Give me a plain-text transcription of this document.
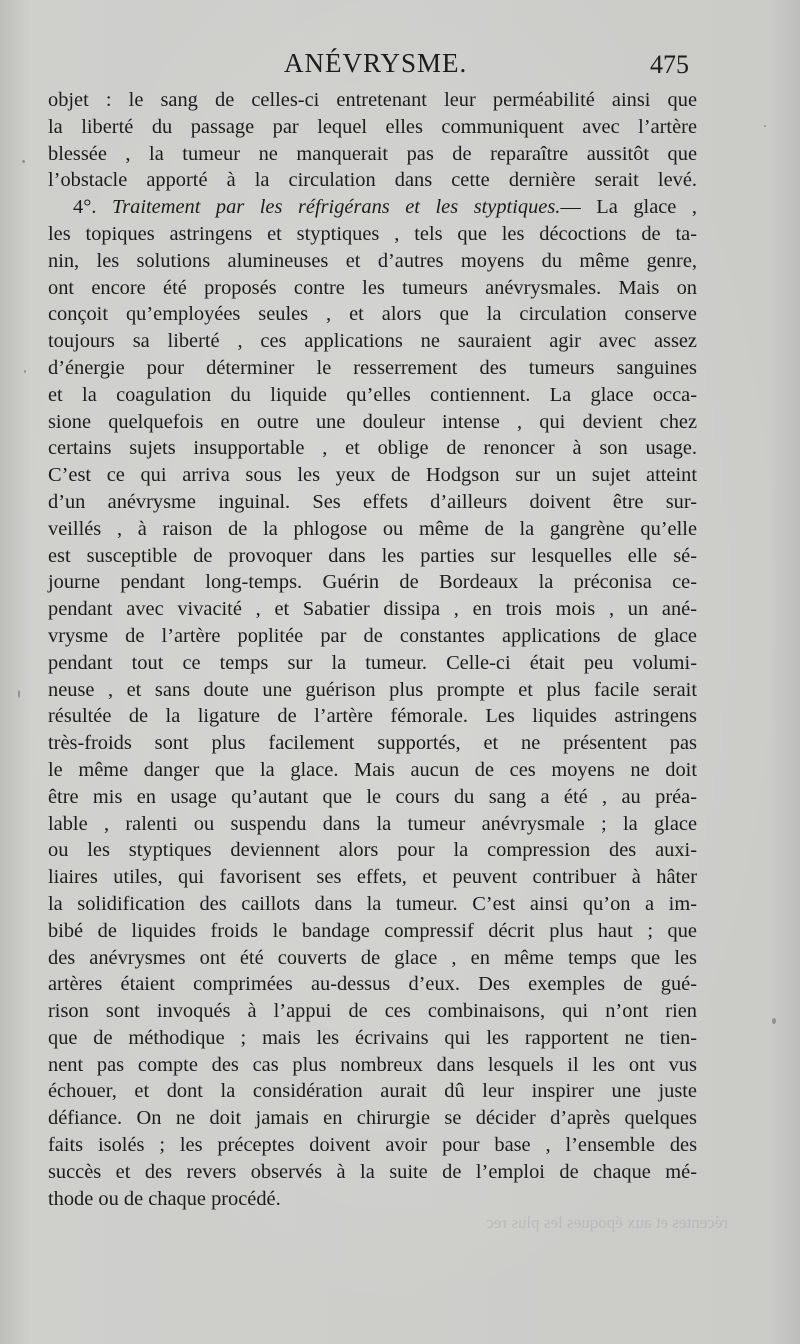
ANÉVRYSME.	475
objet : le sang de celles-ci entretenant leur perméabilité ainsi que
la liberté du passage par lequel elles communiquent avec l’artère
blessée , la tumeur ne manquerait pas de reparaître aussitôt que
l’obstacle apporté à la circulation dans cette dernière serait levé.
4°. Traitement par les réfrigérans et les styptiques.— La glace ,
les topiques astringens et styptiques , tels que les décoctions de ta-
nin, les solutions alumineuses et d’autres moyens du même genre,
ont encore été proposés contre les tumeurs anévrysmales. Mais on
conçoit qu’employées seules , et alors que la circulation conserve
toujours sa liberté , ces applications ne sauraient agir avec assez
d’énergie pour déterminer le resserrement des tumeurs sanguines
et la coagulation du liquide qu’elles contiennent. La glace occa-
sione quelquefois en outre une douleur intense , qui devient chez
certains sujets insupportable , et oblige de renoncer à son usage.
C’est ce qui arriva sous les yeux de Hodgson sur un sujet atteint
d’un anévrysme inguinal. Ses effets d’ailleurs doivent être sur-
veillés , à raison de la phlogose ou même de la gangrène qu’elle
est susceptible de provoquer dans les parties sur lesquelles elle sé-
journe pendant long-temps. Guérin de Bordeaux la préconisa ce-
pendant avec vivacité , et Sabatier dissipa , en trois mois , un ané-
vrysme de l’artère poplitée par de constantes applications de glace
pendant tout ce temps sur la tumeur. Celle-ci était peu volumi-
neuse , et sans doute une guérison plus prompte et plus facile serait
résultée de la ligature de l’artère fémorale. Les liquides astringens
très-froids sont plus facilement supportés, et ne présentent pas
le même danger que la glace. Mais aucun de ces moyens ne doit
être mis en usage qu’autant que le cours du sang a été , au préa-
lable , ralenti ou suspendu dans la tumeur anévrysmale ; la glace
ou les styptiques deviennent alors pour la compression des auxi-
liaires utiles, qui favorisent ses effets, et peuvent contribuer à hâter
la solidification des caillots dans la tumeur. C’est ainsi qu’on a im-
bibé de liquides froids le bandage compressif décrit plus haut ; que
des anévrysmes ont été couverts de glace , en même temps que les
artères étaient comprimées au-dessus d’eux. Des exemples de gué-
rison sont invoqués à l’appui de ces combinaisons, qui n’ont rien
que de méthodique ; mais les écrivains qui les rapportent ne tien-
nent pas compte des cas plus nombreux dans lesquels il les ont vus
échouer, et dont la considération aurait dû leur inspirer une juste
défiance. On ne doit jamais en chirurgie se décider d’après quelques
faits isolés ; les préceptes doivent avoir pour base , l’ensemble des
succès et des revers observés à la suite de l’emploi de chaque mé-
thode ou de chaque procédé.
récentes et aux époques les plus rec
